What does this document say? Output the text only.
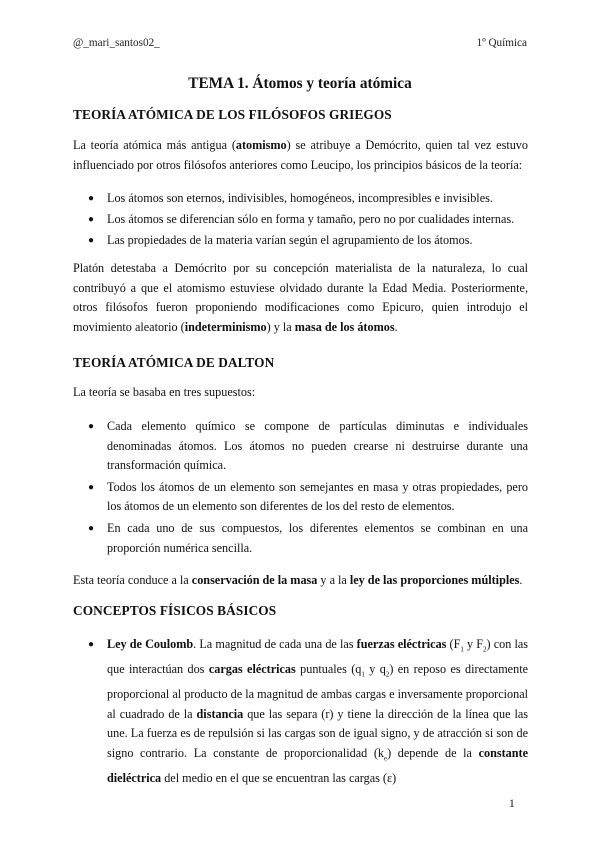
@_mari_santos02_	1º Química
TEMA 1. Átomos y teoría atómica
TEORÍA ATÓMICA DE LOS FILÓSOFOS GRIEGOS

La teoría atómica más antigua (atomismo) se atribuye a Demócrito, quien tal vez estuvo influenciado por otros filósofos anteriores como Leucipo, los principios básicos de la teoría:

● Los átomos son eternos, indivisibles, homogéneos, incompresibles e invisibles.
● Los átomos se diferencian sólo en forma y tamaño, pero no por cualidades internas.
● Las propiedades de la materia varían según el agrupamiento de los átomos.

Platón detestaba a Demócrito por su concepción materialista de la naturaleza, lo cual contribuyó a que el atomismo estuviese olvidado durante la Edad Media. Posteriormente, otros filósofos fueron proponiendo modificaciones como Epicuro, quien introdujo el movimiento aleatorio (indeterminismo) y la masa de los átomos.

TEORÍA ATÓMICA DE DALTON

La teoría se basaba en tres supuestos:

● Cada elemento químico se compone de partículas diminutas e individuales denominadas átomos. Los átomos no pueden crearse ni destruirse durante una transformación química.
● Todos los átomos de un elemento son semejantes en masa y otras propiedades, pero los átomos de un elemento son diferentes de los del resto de elementos.
● En cada uno de sus compuestos, los diferentes elementos se combinan en una proporción numérica sencilla.

Esta teoría conduce a la conservación de la masa y a la ley de las proporciones múltiples.

CONCEPTOS FÍSICOS BÁSICOS
● Ley de Coulomb. La magnitud de cada una de las fuerzas eléctricas ($F_1$ y $F_2$) con las que interactúan dos cargas eléctricas puntuales ($q_1$ y $q_2$) en reposo es directamente proporcional al producto de la magnitud de ambas cargas e inversamente proporcional al cuadrado de la distancia que las separa (r) y tiene la dirección de la línea que las une. La fuerza es de repulsión si las cargas son de igual signo, y de atracción si son de signo contrario. La constante de proporcionalidad $(k_e)$ depende de la constante dieléctrica del medio en el que se encuentran las cargas (ε)
1
